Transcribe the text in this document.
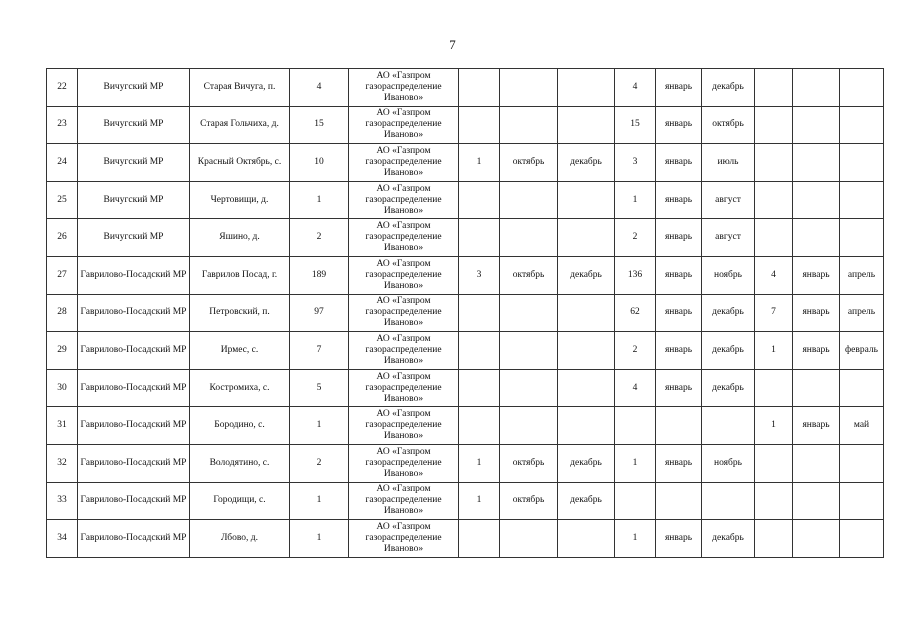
7
22	Вичугский МР	Старая Вичуга, п.	4	АО «Газпром газораспределение Иваново»				4	январь	декабрь			
23	Вичугский МР	Старая Гольчиха, д.	15	АО «Газпром газораспределение Иваново»				15	январь	октябрь			
24	Вичугский МР	Красный Октябрь, с.	10	АО «Газпром газораспределение Иваново»	1	октябрь	декабрь	3	январь	июль			
25	Вичугский МР	Чертовищи, д.	1	АО «Газпром газораспределение Иваново»				1	январь	август			
26	Вичугский МР	Яшино, д.	2	АО «Газпром газораспределение Иваново»				2	январь	август			
27	Гаврилово-Посадский МР	Гаврилов Посад, г.	189	АО «Газпром газораспределение Иваново»	3	октябрь	декабрь	136	январь	ноябрь	4	январь	апрель
28	Гаврилово-Посадский МР	Петровский, п.	97	АО «Газпром газораспределение Иваново»				62	январь	декабрь	7	январь	апрель
29	Гаврилово-Посадский МР	Ирмес, с.	7	АО «Газпром газораспределение Иваново»				2	январь	декабрь	1	январь	февраль
30	Гаврилово-Посадский МР	Костромиха, с.	5	АО «Газпром газораспределение Иваново»				4	январь	декабрь			
31	Гаврилово-Посадский МР	Бородино, с.	1	АО «Газпром газораспределение Иваново»							1	январь	май
32	Гаврилово-Посадский МР	Володятино, с.	2	АО «Газпром газораспределение Иваново»	1	октябрь	декабрь	1	январь	ноябрь			
33	Гаврилово-Посадский МР	Городищи, с.	1	АО «Газпром газораспределение Иваново»	1	октябрь	декабрь						
34	Гаврилово-Посадский МР	Лбово, д.	1	АО «Газпром газораспределение Иваново»				1	январь	декабрь			
